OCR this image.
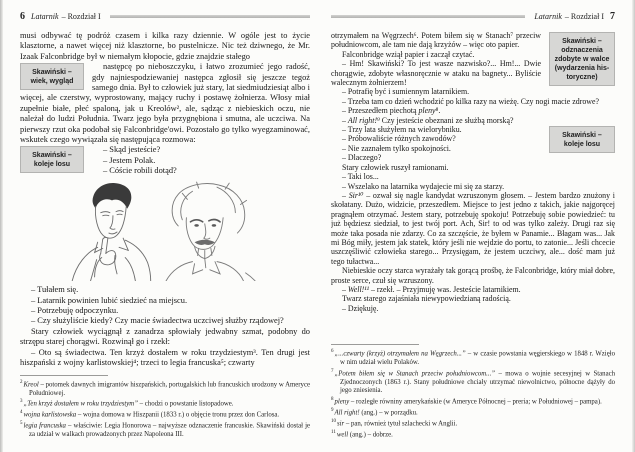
6 Latarnik – Rozdział I

musi odbywać tę podróż czasem i kilka razy dziennie. W ogóle jest to życie klasztorne, a nawet więcej niż klasztorne, bo pustelnicze. Nic też dziwnego, że Mr. Izaak Falconbridge był w niemałym kłopocie, gdzie znajdzie stałego

Skawiński –
wiek, wygląd

następcę po nieboszczyku, i łatwo zrozumieć jego radość, gdy najniespodziewaniej następca zgłosił się jeszcze tegoż samego dnia. Był to człowiek już stary, lat siedmiudziesiąt albo i więcej, ale czerstwy, wyprostowany, mający ruchy i postawę żołnierza. Włosy miał zupełnie białe, płeć spaloną, jak u Kreolów², ale, sądząc z niebieskich oczu, nie należał do ludzi Południa. Twarz jego była przygnębiona i smutna, ale uczciwa. Na pierwszy rzut oka podobał się Falconbridge'owi. Pozostało go tylko wyegzaminować, wskutek czego wywiązała się następująca rozmowa:

Skawiński –
koleje losu

– Skąd jesteście?

– Jestem Polak.

– Cóście robili dotąd?

– Tułałem się.

– Latarnik powinien lubić siedzieć na miejscu.

– Potrzebuję odpoczynku.

– Czy służyliście kiedy? Czy macie świadectwa uczciwej służby rządowej?

Stary człowiek wyciągnął z zanadrza spłowiały jedwabny szmat, podobny do strzępu starej chorągwi. Rozwinął go i rzekł:

– Oto są świadectwa. Ten krzyż dostałem w roku trzydziestym³. Ten drugi jest hiszpański z wojny karlistowskiej⁴; trzeci to legia francuska⁵; czwarty

$^2$Kreol – potomek dawnych imigrantów hiszpańskich, portugalskich lub francuskich urodzony w Ameryce Południowej.
$^3$„Ten krzyż dostałem w roku trzydziestym” – chodzi o powstanie listopadowe.
$^4$wojna karlistowska – wojna domowa w Hiszpanii (1833 r.) o objęcie tronu przez don Carlosa.
$^5$legia francuska – właściwie: Legia Honorowa – najwyższe odznaczenie francuskie. Skawiński dostał je za udział w walkach prowadzonych przez Napoleona III.
Latarnik – Rozdział I 7
Skawiński –
odznaczenia
zdobyte w walce
(wydarzenia his-
toryczne)

otrzymałem na Węgrzech⁶. Potem biłem się w Stanach⁷ przeciw południowcom, ale tam nie dają krzyżów – więc oto papier.

Falconbridge wziął papier i zaczął czytać.

– Hm! Skawiński? To jest wasze nazwisko?... Hm!... Dwie chorągwie, zdobyte własnoręcznie w ataku na bagnety... Byliście walecznym żołnierzem!

– Potrafię być i sumiennym latarnikiem.

– Trzeba tam co dzień wchodzić po kilka razy na wieżę. Czy nogi macie zdrowe?

– Przeszedłem piechotą pleny⁸.

– All right!⁹ Czy jesteście obeznani ze służbą morską?

Skawiński –
koleje losu

– Trzy lata służyłem na wielorybniku.

– Próbowaliście różnych zawodów?

– Nie zaznałem tylko spokojności.

– Dlaczego?

Stary człowiek ruszył ramionami.

– Taki los...

– Wszelako na latarnika wydajecie mi się za starzy.

– Sir¹⁰ – ozwał się nagle kandydat wzruszonym głosem. – Jestem bardzo znużony i skołatany. Dużo, widzicie, przeszedłem. Miejsce to jest jedno z takich, jakie najgoręcej pragnąłem otrzymać. Jestem stary, potrzebuję spokoju! Potrzebuję sobie powiedzieć: tu już będziesz siedział, to jest twój port. Ach, Sir! to od was tylko zależy. Drugi raz się może taka posada nie zdarzy. Co za szczęście, że byłem w Panamie... Błagam was... Jak mi Bóg miły, jestem jak statek, który jeśli nie wejdzie do portu, to zatonie... Jeśli chcecie uszczęśliwić człowieka starego... Przysięgam, że jestem uczciwy, ale... dość mam już tego tułactwa...

Niebieskie oczy starca wyrażały tak gorącą prośbę, że Falconbridge, który miał dobre, proste serce, czuł się wzruszony.

– Well!¹¹ – rzekł. – Przyjmuję was. Jesteście latarnikiem.

Twarz starego zajaśniała niewypowiedzianą radością.

– Dziękuję.

$^6$„...czwarty (krzyż) otrzymałem na Węgrzech...” – w czasie powstania węgierskiego w 1848 r. Wzięło w nim udział wielu Polaków.
$^7$„Potem biłem się w Stanach przeciw południowcom...” – mowa o wojnie secesyjnej w Stanach Zjednoczonych (1863 r.). Stany południowe chciały utrzymać niewolnictwo, północne dążyły do jego zniesienia.
$^8$pleny – rozległe równiny amerykańskie (w Ameryce Północnej – preria; w Południowej – pampa).
$^9$All right! (ang.) – w porządku.
$^{10}$sir – pan, również tytuł szlachecki w Anglii.
$^{11}$well (ang.) – dobrze.
